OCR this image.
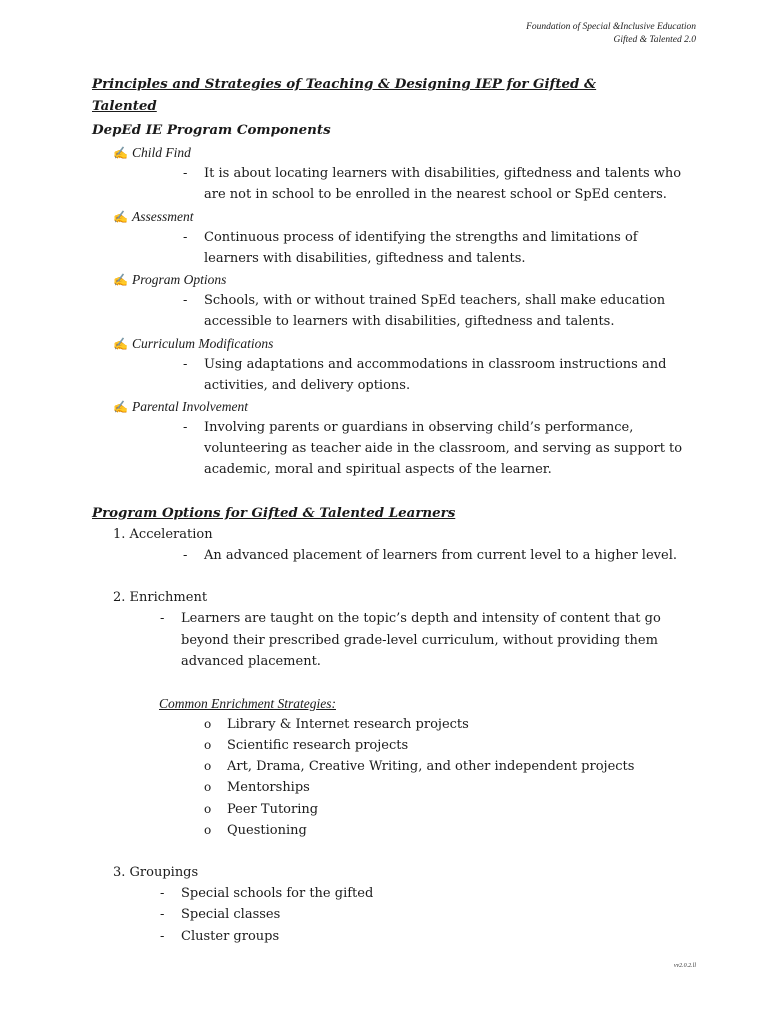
Foundation of Special &Inclusive Education
Gifted & Talented 2.0
Principles and Strategies of Teaching & Designing IEP for Gifted &
Talented
DepEd IE Program Components
✍ Child Find
- It is about locating learners with disabilities, giftedness and talents who
are not in school to be enrolled in the nearest school or SpEd centers.
✍ Assessment
- Continuous process of identifying the strengths and limitations of
learners with disabilities, giftedness and talents.
✍ Program Options
- Schools, with or without trained SpEd teachers, shall make education
accessible to learners with disabilities, giftedness and talents.
✍ Curriculum Modifications
- Using adaptations and accommodations in classroom instructions and
activities, and delivery options.
✍ Parental Involvement
- Involving parents or guardians in observing child’s performance,
volunteering as teacher aide in the classroom, and serving as support to
academic, moral and spiritual aspects of the learner.
Program Options for Gifted & Talented Learners
1. Acceleration
- An advanced placement of learners from current level to a higher level.
2. Enrichment
- Learners are taught on the topic’s depth and intensity of content that go
beyond their prescribed grade-level curriculum, without providing them
advanced placement.
Common Enrichment Strategies:
o Library & Internet research projects
o Scientific research projects
o Art, Drama, Creative Writing, and other independent projects
o Mentorships
o Peer Tutoring
o Questioning
3. Groupings
- Special schools for the gifted
- Special classes
- Cluster groups
vv2.0.2.ll
